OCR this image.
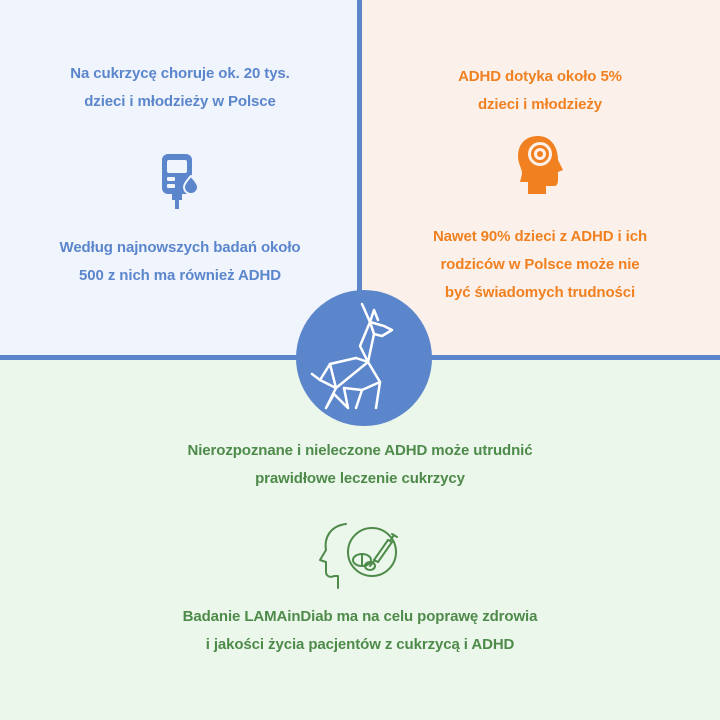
Na cukrzycę choruje ok. 20 tys.
dzieci i młodzieży w Polsce
Według najnowszych badań około
500 z nich ma również ADHD
ADHD dotyka około 5%
dzieci i młodzieży
Nawet 90% dzieci z ADHD i ich
rodziców w Polsce może nie
być świadomych trudności
Nierozpoznane i nieleczone ADHD może utrudnić
prawidłowe leczenie cukrzycy
Badanie LAMAinDiab ma na celu poprawę zdrowia
i jakości życia pacjentów z cukrzycą i ADHD
